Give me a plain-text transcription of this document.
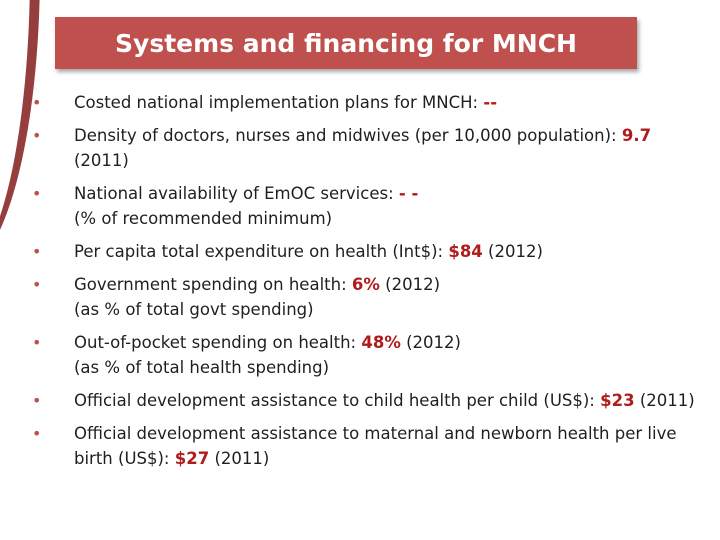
Systems and financing for MNCH
• Costed national implementation plans for MNCH: --
• Density of doctors, nurses and midwives (per 10,000 population): 9.7 (2011)
• National availability of EmOC services: - -
(% of recommended minimum)
• Per capita total expenditure on health (Int$): $84 (2012)
• Government spending on health: 6% (2012)
(as % of total govt spending)
• Out-of-pocket spending on health: 48% (2012)
(as % of total health spending)
• Official development assistance to child health per child (US$): $23 (2011)
• Official development assistance to maternal and newborn health per live birth (US$): $27 (2011)
